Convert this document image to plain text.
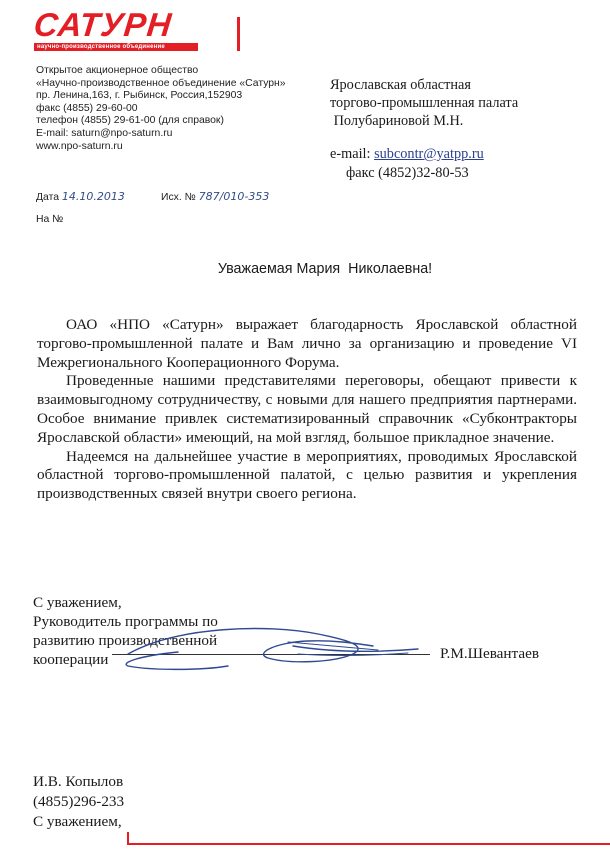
САТУРН
научно-производственное объединение
Открытое акционерное общество
«Научно-производственное объединение «Сатурн»
пр. Ленина,163, г. Рыбинск, Россия,152903
факс (4855) 29-60-00
телефон (4855) 29-61-00 (для справок)
E-mail: saturn@npo-saturn.ru
www.npo-saturn.ru
Ярославская областная
торгово-промышленная палата
Полубариновой М.Н.
e-mail: subcontr@yatpp.ru
факс (4852)32-80-53
Дата 14.10.2013	Исх. № 787/010-353
На №
Уважаемая Мария  Николаевна!

ОАО «НПО «Сатурн» выражает благодарность Ярославской областной торгово-промышленной палате и Вам лично за организацию и проведение VI Межрегионального Кооперационного Форума.

Проведенные нашими представителями переговоры, обещают привести к взаимовыгодному сотрудничеству, с новыми для нашего предприятия партнерами. Особое внимание привлек систематизированный справочник «Субконтракторы Ярославской области» имеющий, на мой взгляд, большое прикладное значение.

Надеемся на дальнейшее участие в мероприятиях, проводимых Ярославской областной торгово-промышленной палатой, с целью развития и укрепления производственных связей внутри своего региона.

С уважением,
Руководитель программы по
развитию производственной
кооперации	Р.М.Шевантаев
И.В. Копылов
(4855)296-233
С уважением,
